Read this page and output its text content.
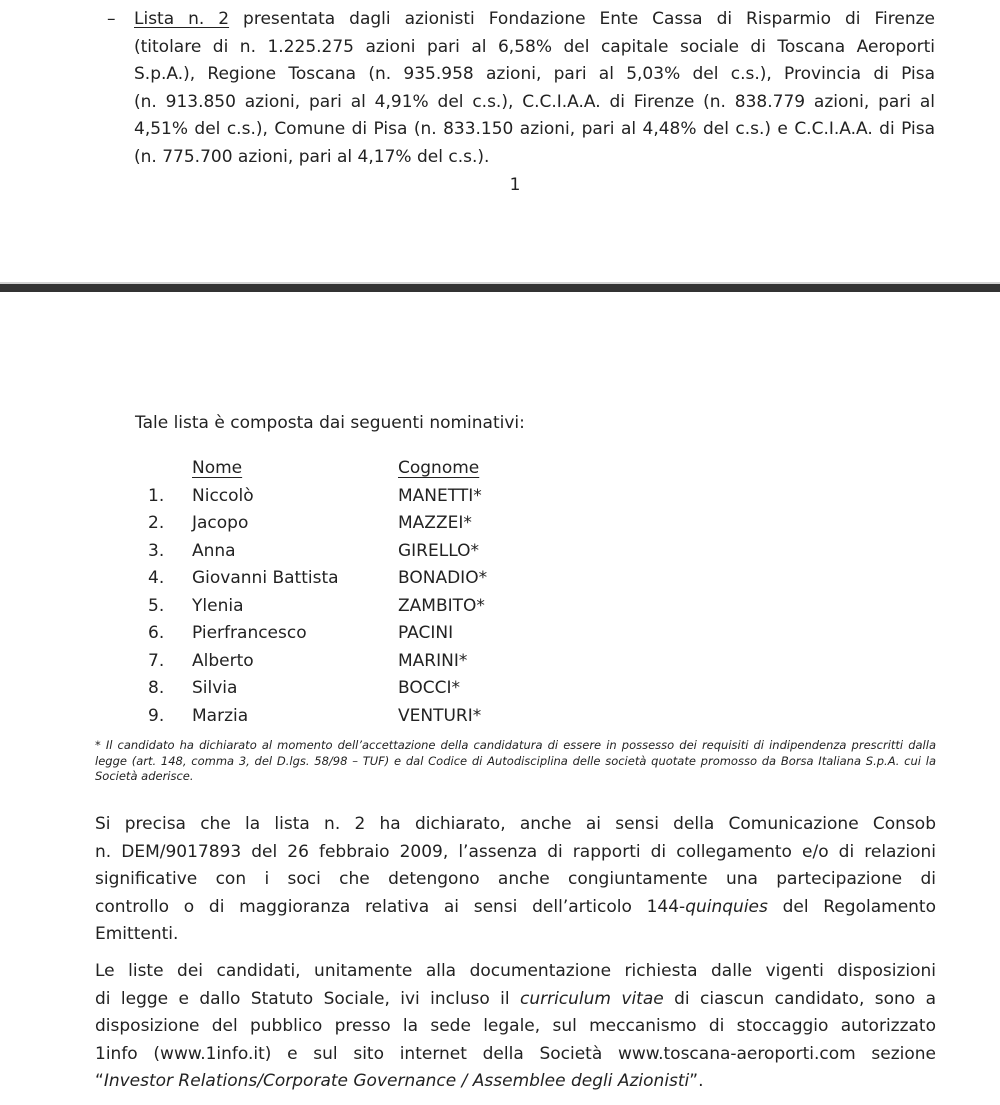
–	Lista n. 2 presentata dagli azionisti Fondazione Ente Cassa di Risparmio di Firenze
(titolare di n. 1.225.275 azioni pari al 6,58% del capitale sociale di Toscana Aeroporti
S.p.A.), Regione Toscana (n. 935.958 azioni, pari al 5,03% del c.s.), Provincia di Pisa
(n. 913.850 azioni, pari al 4,91% del c.s.), C.C.I.A.A. di Firenze (n. 838.779 azioni, pari al
4,51% del c.s.), Comune di Pisa (n. 833.150 azioni, pari al 4,48% del c.s.) e C.C.I.A.A. di Pisa
(n. 775.700 azioni, pari al 4,17% del c.s.).
1
Tale lista è composta dai seguenti nominativi:
Nome	Cognome
1. Niccolò	MANETTI*
2. Jacopo	MAZZEI*
3. Anna	GIRELLO*
4. Giovanni Battista	BONADIO*
5. Ylenia	ZAMBITO*
6. Pierfrancesco	PACINI
7. Alberto	MARINI*
8. Silvia	BOCCI*
9. Marzia	VENTURI*
* Il candidato ha dichiarato al momento dell’accettazione della candidatura di essere in possesso dei requisiti di indipendenza prescritti dalla
legge (art. 148, comma 3, del D.lgs. 58/98 – TUF) e dal Codice di Autodisciplina delle società quotate promosso da Borsa Italiana S.p.A. cui la
Società aderisce.
Si precisa che la lista n. 2 ha dichiarato, anche ai sensi della Comunicazione Consob
n. DEM/9017893 del 26 febbraio 2009, l’assenza di rapporti di collegamento e/o di relazioni
significative con i soci che detengono anche congiuntamente una partecipazione di
controllo o di maggioranza relativa ai sensi dell’articolo 144-quinquies del Regolamento
Emittenti.
Le liste dei candidati, unitamente alla documentazione richiesta dalle vigenti disposizioni
di legge e dallo Statuto Sociale, ivi incluso il curriculum vitae di ciascun candidato, sono a
disposizione del pubblico presso la sede legale, sul meccanismo di stoccaggio autorizzato
1info (www.1info.it) e sul sito internet della Società www.toscana-aeroporti.com sezione
“Investor Relations/Corporate Governance / Assemblee degli Azionisti”.
